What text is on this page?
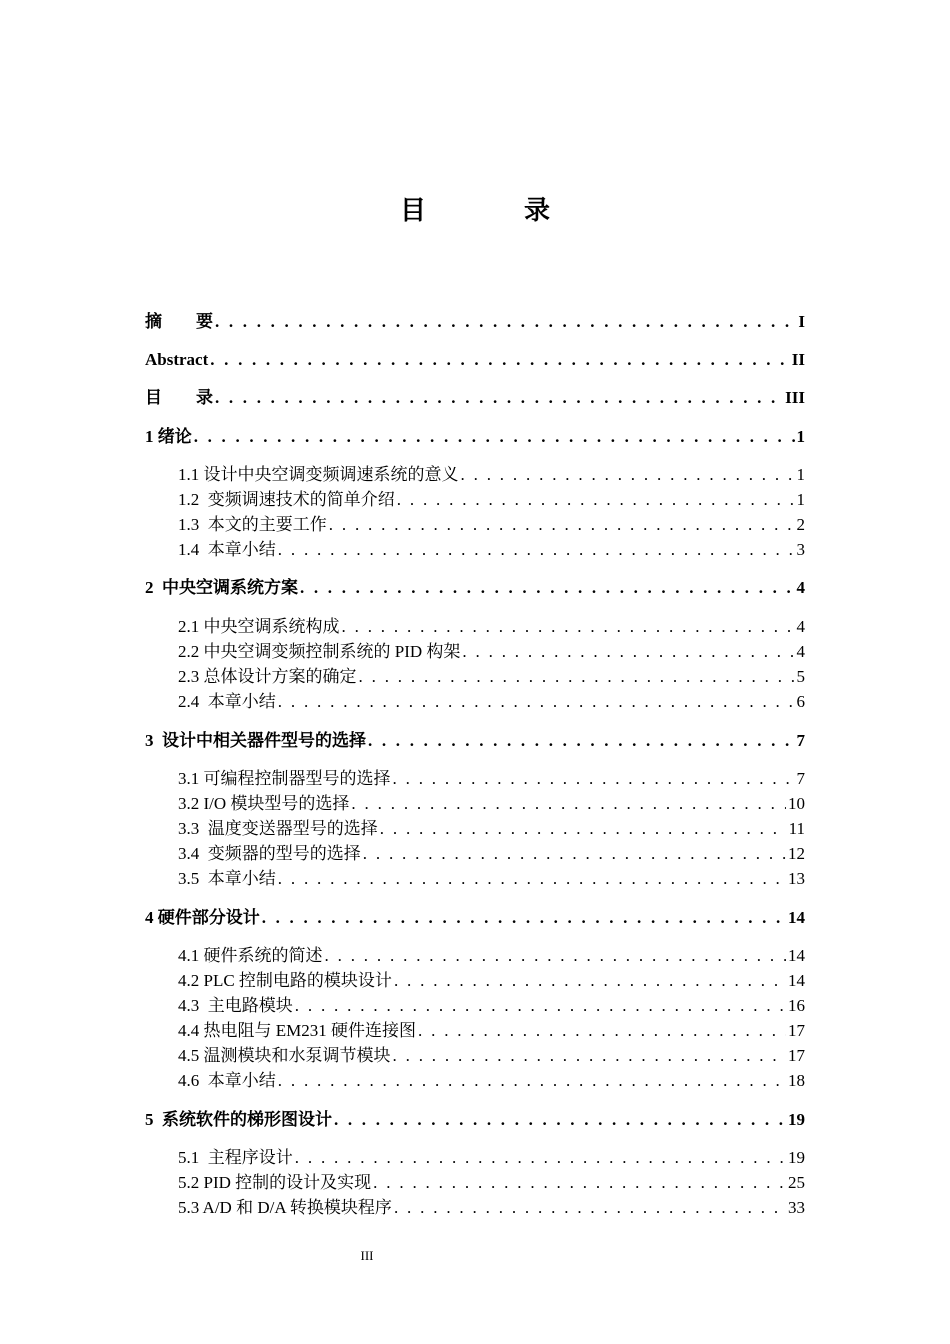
目　录
摘　　要 . . .	I
Abstract . . .	II
目　　录 . . .	III
1 绪论 . . .	1
1.1 设计中央空调变频调速系统的意义 . . .	1
1.2  变频调速技术的简单介绍 . . .	1
1.3  本文的主要工作 . . .	2
1.4  本章小结 . . .	3
2  中央空调系统方案 . . .	4
2.1 中央空调系统构成 . . .	4
2.2 中央空调变频控制系统的 PID 构架 . . .	4
2.3 总体设计方案的确定 . . .	5
2.4  本章小结 . . .	6
3  设计中相关器件型号的选择 . . .	7
3.1 可编程控制器型号的选择 . . .	7
3.2 I/O 模块型号的选择 . . .	10
3.3  温度变送器型号的选择 . . .	11
3.4  变频器的型号的选择 . . .	12
3.5  本章小结 . . .	13
4 硬件部分设计 . . .	14
4.1 硬件系统的简述 . . .	14
4.2 PLC 控制电路的模块设计 . . .	14
4.3  主电路模块 . . .	16
4.4 热电阻与 EM231 硬件连接图 . . .	17
4.5 温测模块和水泵调节模块 . . .	17
4.6  本章小结 . . .	18
5  系统软件的梯形图设计 . . .	19
5.1  主程序设计 . . .	19
5.2 PID 控制的设计及实现 . . .	25
5.3 A/D 和 D/A 转换模块程序 . . .	33
III
